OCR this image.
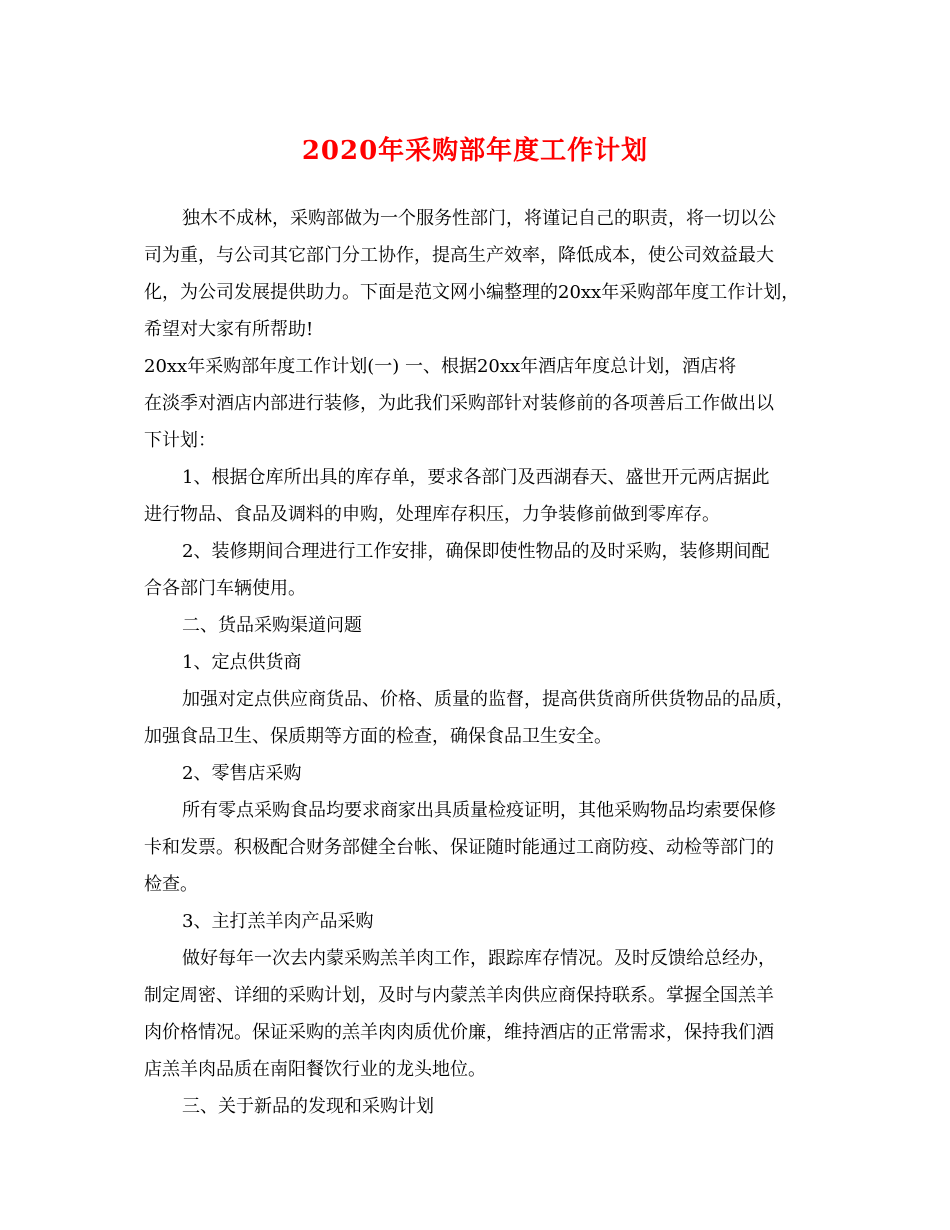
2020年采购部年度工作计划
独木不成林，采购部做为一个服务性部门，将谨记自己的职责，将一切以公
司为重，与公司其它部门分工协作，提高生产效率，降低成本，使公司效益最大
化，为公司发展提供助力。下面是范文网小编整理的20xx年采购部年度工作计划，
希望对大家有所帮助!
20xx年采购部年度工作计划(一) 一、根据20xx年酒店年度总计划，酒店将
在淡季对酒店内部进行装修，为此我们采购部针对装修前的各项善后工作做出以
下计划：
1、根据仓库所出具的库存单，要求各部门及西湖春天、盛世开元两店据此
进行物品、食品及调料的申购，处理库存积压，力争装修前做到零库存。
2、装修期间合理进行工作安排，确保即使性物品的及时采购，装修期间配
合各部门车辆使用。
二、货品采购渠道问题
1、定点供货商
加强对定点供应商货品、价格、质量的监督，提高供货商所供货物品的品质，
加强食品卫生、保质期等方面的检查，确保食品卫生安全。
2、零售店采购
所有零点采购食品均要求商家出具质量检疫证明，其他采购物品均索要保修
卡和发票。积极配合财务部健全台帐、保证随时能通过工商防疫、动检等部门的
检查。
3、主打羔羊肉产品采购
做好每年一次去内蒙采购羔羊肉工作，跟踪库存情况。及时反馈给总经办，
制定周密、详细的采购计划，及时与内蒙羔羊肉供应商保持联系。掌握全国羔羊
肉价格情况。保证采购的羔羊肉肉质优价廉，维持酒店的正常需求，保持我们酒
店羔羊肉品质在南阳餐饮行业的龙头地位。
三、关于新品的发现和采购计划
